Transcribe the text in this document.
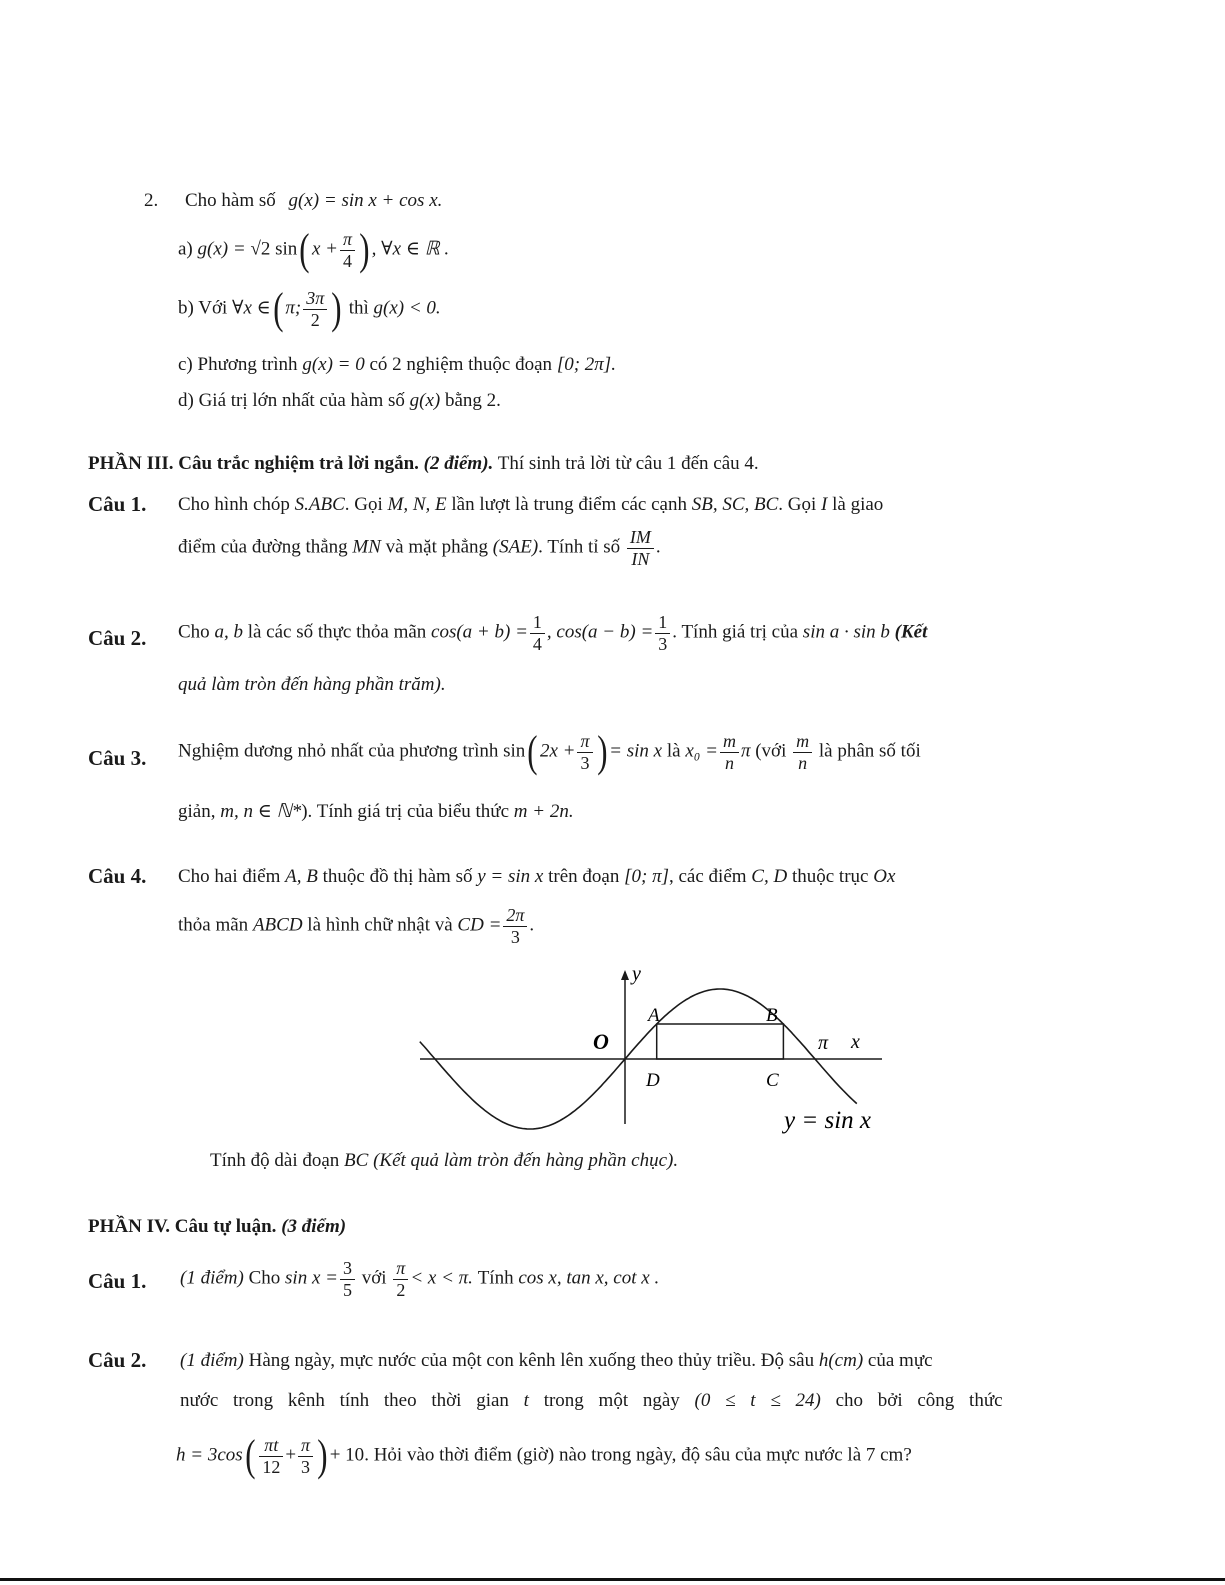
2. Cho hàm số g(x) = sin x + cos x.
a) g(x) = √2 sin( $x + \frac{\pi}{4}$ ) , ∀x ∈ ℝ .
b) Với ∀x ∈( π; $\frac{3\pi}{2}$ ) thì g(x) < 0.
c) Phương trình g(x) = 0 có 2 nghiệm thuộc đoạn [0; 2π].
d) Giá trị lớn nhất của hàm số g(x) bằng 2.
PHẦN III. Câu trắc nghiệm trả lời ngắn. (2 điểm). Thí sinh trả lời từ câu 1 đến câu 4.
Câu 1. Cho hình chóp S.ABC. Gọi M, N, E lần lượt là trung điểm các cạnh SB, SC, BC. Gọi I là giao
điểm của đường thẳng MN và mặt phẳng (SAE). Tính tỉ số $\frac{IM}{IN}$ .
Câu 2. Cho a, b là các số thực thỏa mãn $\cos(a + b) = \frac{1}{4}$ , $\cos(a - b) = \frac{1}{3}$ . Tính giá trị của sin a · sin b (Kết
quả làm tròn đến hàng phần trăm).
Câu 3. Nghiệm dương nhỏ nhất của phương trình sin( $2x + \frac{\pi}{3}$ ) = sin x là $x_0 = \frac{m}{n}$ π (với $\frac{m}{n}$ là phân số tối
giản, m, n ∈ ℕ*). Tính giá trị của biểu thức m + 2n.
Câu 4. Cho hai điểm A, B thuộc đồ thị hàm số y = sin x trên đoạn [0; π], các điểm C, D thuộc trục Ox
thỏa mãn ABCD là hình chữ nhật và CD = $\frac{2\pi}{3}$ .
y
x
O	π
A	B
C
D
y = sin x
Tính độ dài đoạn BC (Kết quả làm tròn đến hàng phần chục).
PHẦN IV. Câu tự luận. (3 điểm)
Câu 1. (1 điểm) Cho $\sin x = \frac{3}{5}$ với $\frac{\pi}{2} < x < \pi$. Tính cos x, tan x, cot x .
Câu 2. (1 điểm) Hàng ngày, mực nước của một con kênh lên xuống theo thủy triều. Độ sâu h(cm) của mực
nước trong kênh tính theo thời gian t trong một ngày (0 ≤ t ≤ 24) cho bởi công thức
$h = 3\cos( \frac{\pi t}{12} + \frac{\pi}{3}$ ) + 10. Hỏi vào thời điểm (giờ) nào trong ngày, độ sâu của mực nước là 7 cm?
